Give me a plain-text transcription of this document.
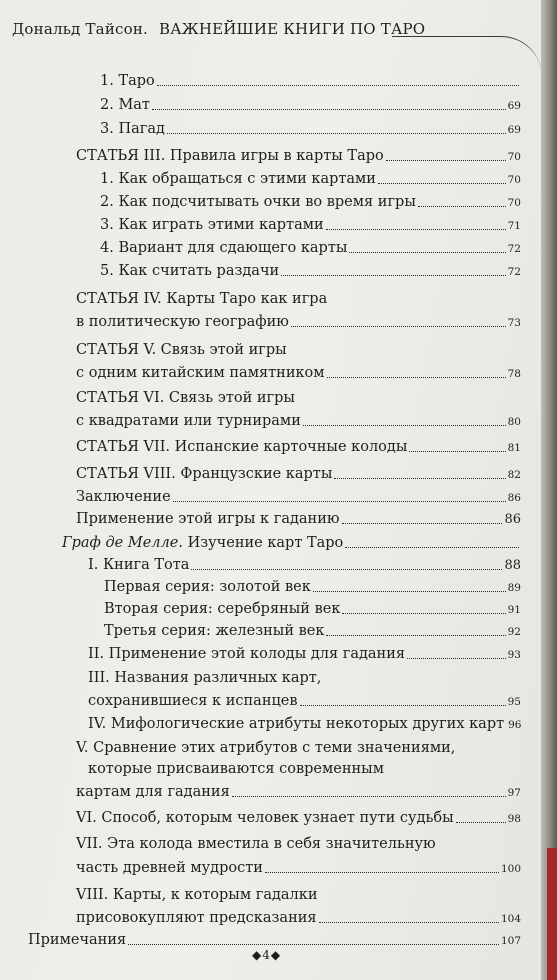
Дональд Тайсон. ВАЖНЕЙШИЕ КНИГИ ПО ТАРО
1. Таро
2. Мат	69
3. Пагад	69
СТАТЬЯ III. Правила игры в карты Таро	70
1. Как обращаться с этими картами	70
2. Как подсчитывать очки во время игры	70
3. Как играть этими картами	71
4. Вариант для сдающего карты	72
5. Как считать раздачи	72
СТАТЬЯ IV. Карты Таро как игра
в политическую географию	73
СТАТЬЯ V. Связь этой игры
с одним китайским памятником	78
СТАТЬЯ VI. Связь этой игры
с квадратами или турнирами	80
СТАТЬЯ VII. Испанские карточные колоды	81
СТАТЬЯ VIII. Французские карты	82
Заключение	86
Применение этой игры к гаданию	86
Граф де Мелле. Изучение карт Таро
I. Книга Тота	88
Первая серия: золотой век	89
Вторая серия: серебряный век	91
Третья серия: железный век	92
II. Применение этой колоды для гадания	93
III. Названия различных карт,
сохранившиеся к испанцев	95
IV. Мифологические атрибуты некоторых других карт 96
V. Сравнение этих атрибутов с теми значениями,
которые присваиваются современным
картам для гадания	97
VI. Способ, которым человек узнает пути судьбы	98
VII. Эта колода вместила в себя значительную
часть древней мудрости	100
VIII. Карты, к которым гадалки
присовокупляют предсказания	104
Примечания	107
◆4◆
